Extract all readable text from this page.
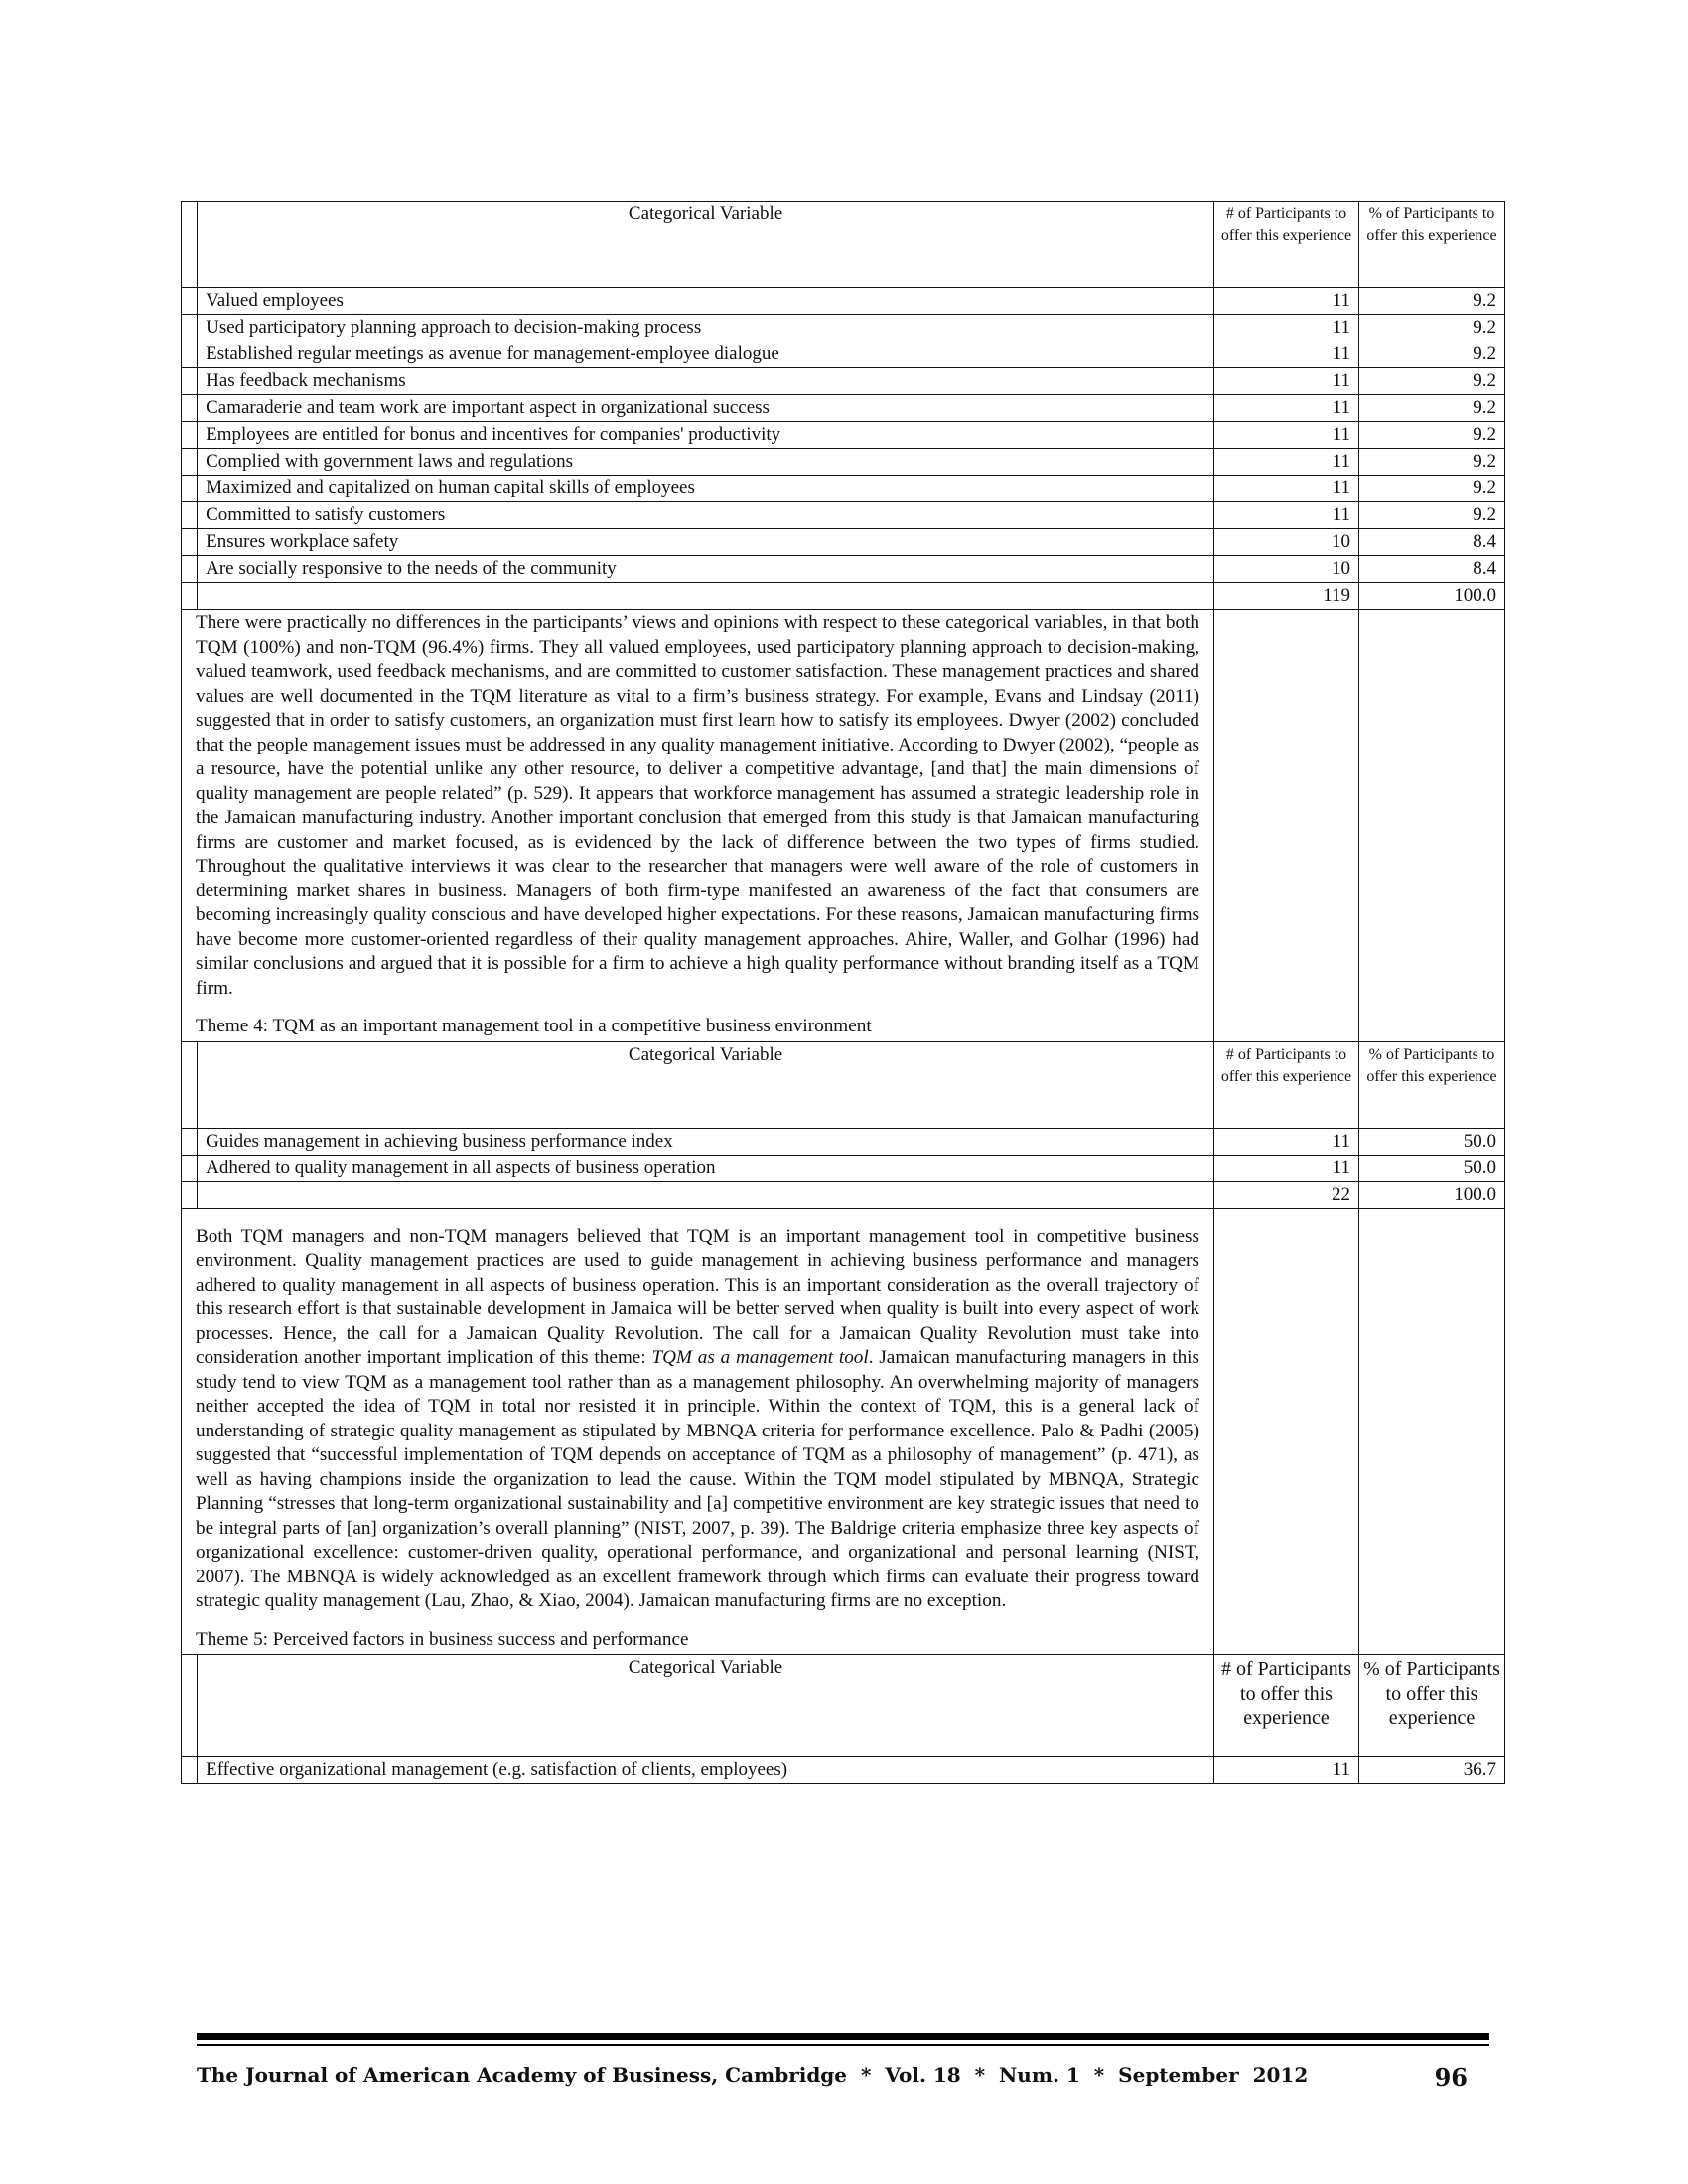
	Categorical Variable	# of Participants to offer this experience	% of Participants to offer this experience
	Valued employees	11	9.2
	Used participatory planning approach to decision-making process	11	9.2
	Established regular meetings as avenue for management-employee dialogue	11	9.2
	Has feedback mechanisms	11	9.2
	Camaraderie and team work are important aspect in organizational success	11	9.2
	Employees are entitled for bonus and incentives for companies' productivity	11	9.2
	Complied with government laws and regulations	11	9.2
	Maximized and capitalized on human capital skills of employees	11	9.2
	Committed to satisfy customers	11	9.2
	Ensures workplace safety	10	8.4
	Are socially responsive to the needs of the community	10	8.4
		119	100.0

There were practically no differences in the participants’ views and opinions with respect to these categorical variables, in that both TQM (100%) and non-TQM (96.4%) firms. They all valued employees, used participatory planning approach to decision-making, valued teamwork, used feedback mechanisms, and are committed to customer satisfaction. These management practices and shared values are well documented in the TQM literature as vital to a firm’s business strategy. For example, Evans and Lindsay (2011) suggested that in order to satisfy customers, an organization must first learn how to satisfy its employees. Dwyer (2002) concluded that the people management issues must be addressed in any quality management initiative. According to Dwyer (2002), “people as a resource, have the potential unlike any other resource, to deliver a competitive advantage, [and that] the main dimensions of quality management are people related” (p. 529). It appears that workforce management has assumed a strategic leadership role in the Jamaican manufacturing industry. Another important conclusion that emerged from this study is that Jamaican manufacturing firms are customer and market focused, as is evidenced by the lack of difference between the two types of firms studied. Throughout the qualitative interviews it was clear to the researcher that managers were well aware of the role of customers in determining market shares in business. Managers of both firm-type manifested an awareness of the fact that consumers are becoming increasingly quality conscious and have developed higher expectations. For these reasons, Jamaican manufacturing firms have become more customer-oriented regardless of their quality management approaches. Ahire, Waller, and Golhar (1996) had similar conclusions and argued that it is possible for a firm to achieve a high quality performance without branding itself as a TQM firm.
Theme 4: TQM as an important management tool in a competitive business environment			

	Categorical Variable	# of Participants to offer this experience	% of Participants to offer this experience
	Guides management in achieving business performance index	11	50.0
	Adhered to quality management in all aspects of business operation	11	50.0
		22	100.0

Both TQM managers and non-TQM managers believed that TQM is an important management tool in competitive business environment. Quality management practices are used to guide management in achieving business performance and managers adhered to quality management in all aspects of business operation. This is an important consideration as the overall trajectory of this research effort is that sustainable development in Jamaica will be better served when quality is built into every aspect of work processes. Hence, the call for a Jamaican Quality Revolution. The call for a Jamaican Quality Revolution must take into consideration another important implication of this theme: TQM as a management tool. Jamaican manufacturing managers in this study tend to view TQM as a management tool rather than as a management philosophy. An overwhelming majority of managers neither accepted the idea of TQM in total nor resisted it in principle. Within the context of TQM, this is a general lack of understanding of strategic quality management as stipulated by MBNQA criteria for performance excellence. Palo & Padhi (2005) suggested that “successful implementation of TQM depends on acceptance of TQM as a philosophy of management” (p. 471), as well as having champions inside the organization to lead the cause. Within the TQM model stipulated by MBNQA, Strategic Planning “stresses that long-term organizational sustainability and [a] competitive environment are key strategic issues that need to be integral parts of [an] organization’s overall planning” (NIST, 2007, p. 39). The Baldrige criteria emphasize three key aspects of organizational excellence: customer-driven quality, operational performance, and organizational and personal learning (NIST, 2007). The MBNQA is widely acknowledged as an excellent framework through which firms can evaluate their progress toward strategic quality management (Lau, Zhao, & Xiao, 2004). Jamaican manufacturing firms are no exception.
Theme 5: Perceived factors in business success and performance			

	Categorical Variable	# of Participants to offer this experience	% of Participants to offer this experience
	Effective organizational management (e.g. satisfaction of clients, employees)	11	36.7
The Journal of American Academy of Business, Cambridge  *  Vol. 18  *  Num. 1  *  September  2012	96
